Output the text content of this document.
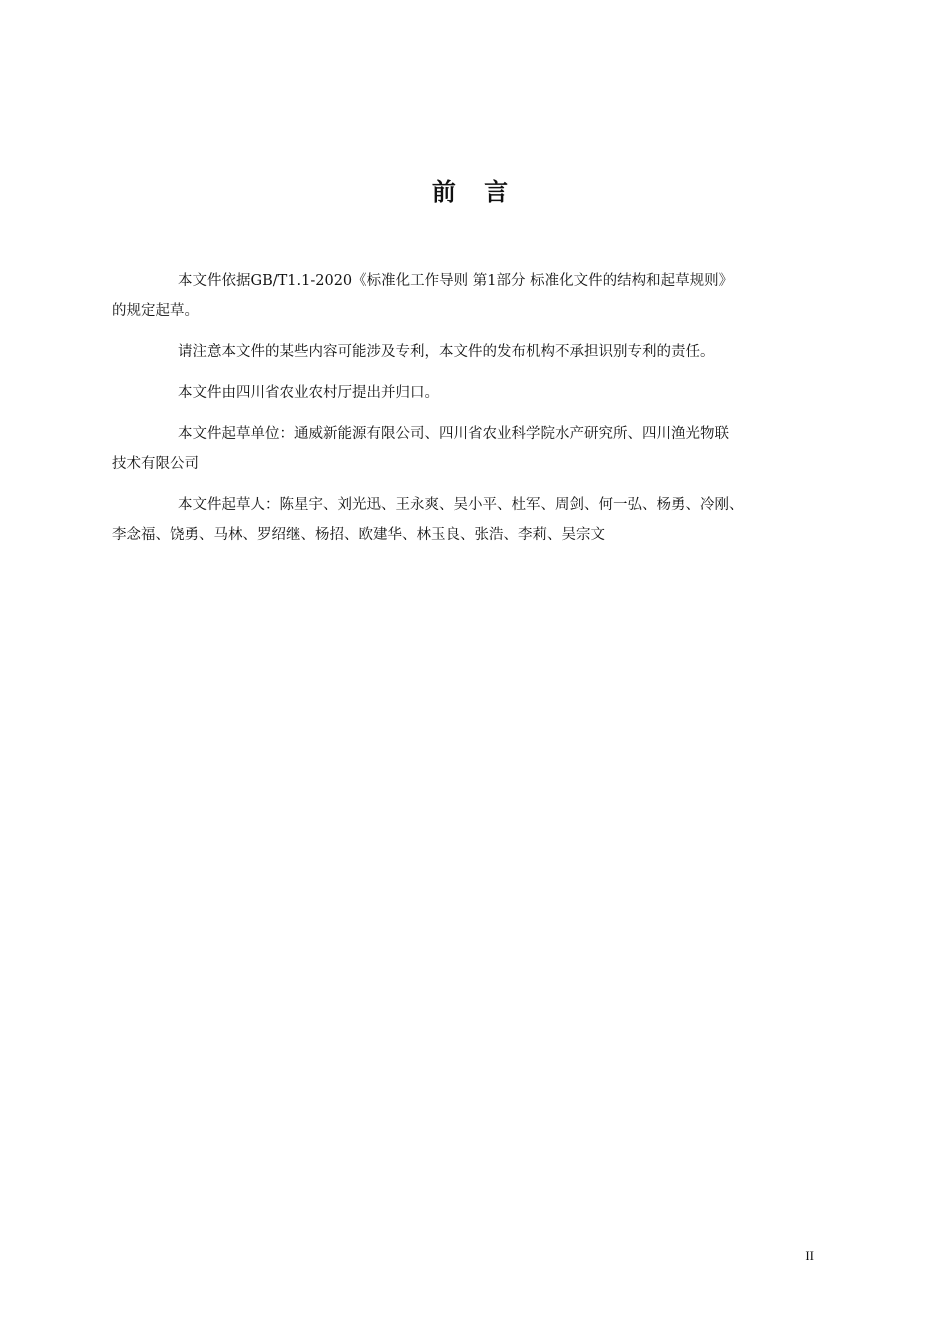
前 言

本文件依据GB/T1.1-2020《标准化工作导则 第1部分 标准化文件的结构和起草规则》
的规定起草。

请注意本文件的某些内容可能涉及专利，本文件的发布机构不承担识别专利的责任。

本文件由四川省农业农村厅提出并归口。

本文件起草单位：通威新能源有限公司、四川省农业科学院水产研究所、四川渔光物联
技术有限公司

本文件起草人：陈星宇、刘光迅、王永爽、吴小平、杜军、周剑、何一弘、杨勇、冷刚、
李念福、饶勇、马林、罗绍继、杨招、欧建华、林玉良、张浩、李莉、吴宗文

II
